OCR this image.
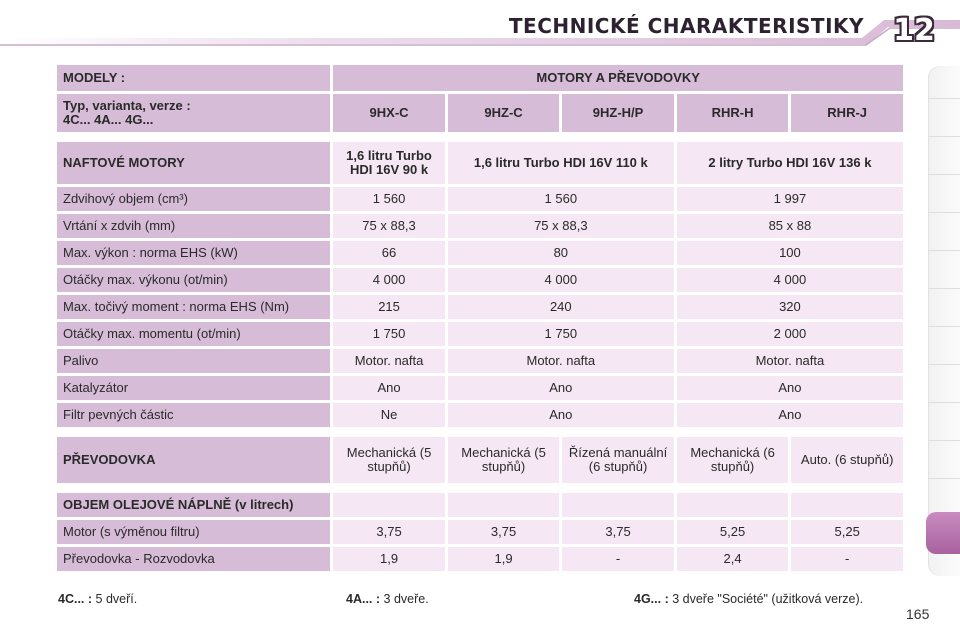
TECHNICKÉ CHARAKTERISTIKY 12
MODELY :	MOTORY A PŘEVODOVKY				

Typ, varianta, verze :
4C... 4A... 4G...	9HX-C	9HZ-C	9HZ-H/P	RHR-H	RHR-J

NAFTOVÉ MOTORY	1,6 litru Turbo HDI 16V 90 k	1,6 litru Turbo HDI 16V 110 k		2 litry Turbo HDI 16V 136 k	
Zdvihový objem (cm³)	1 560	1 560		1 997	
Vrtání x zdvih (mm)	75 x 88,3	75 x 88,3		85 x 88	
Max. výkon : norma EHS (kW)	66	80		100	
Otáčky max. výkonu (ot/min)	4 000	4 000		4 000	
Max. točivý moment : norma EHS (Nm)	215	240		320	
Otáčky max. momentu (ot/min)	1 750	1 750		2 000	
Palivo	Motor. nafta	Motor. nafta		Motor. nafta	
Katalyzátor	Ano	Ano		Ano	
Filtr pevných částic	Ne	Ano		Ano	

PŘEVODOVKA	Mechanická (5 stupňů)	Mechanická (5 stupňů)	Řízená manuální (6 stupňů)	Mechanická (6 stupňů)	Auto. (6 stupňů)

OBJEM OLEJOVÉ NÁPLNĚ (v litrech)					
Motor (s výměnou filtru)	3,75	3,75	3,75	5,25	5,25
Převodovka - Rozvodovka	1,9	1,9	-	2,4	-
4C... : 5 dveří.	4A... : 3 dveře.	4G... : 3 dveře "Société" (užitková verze).
165
